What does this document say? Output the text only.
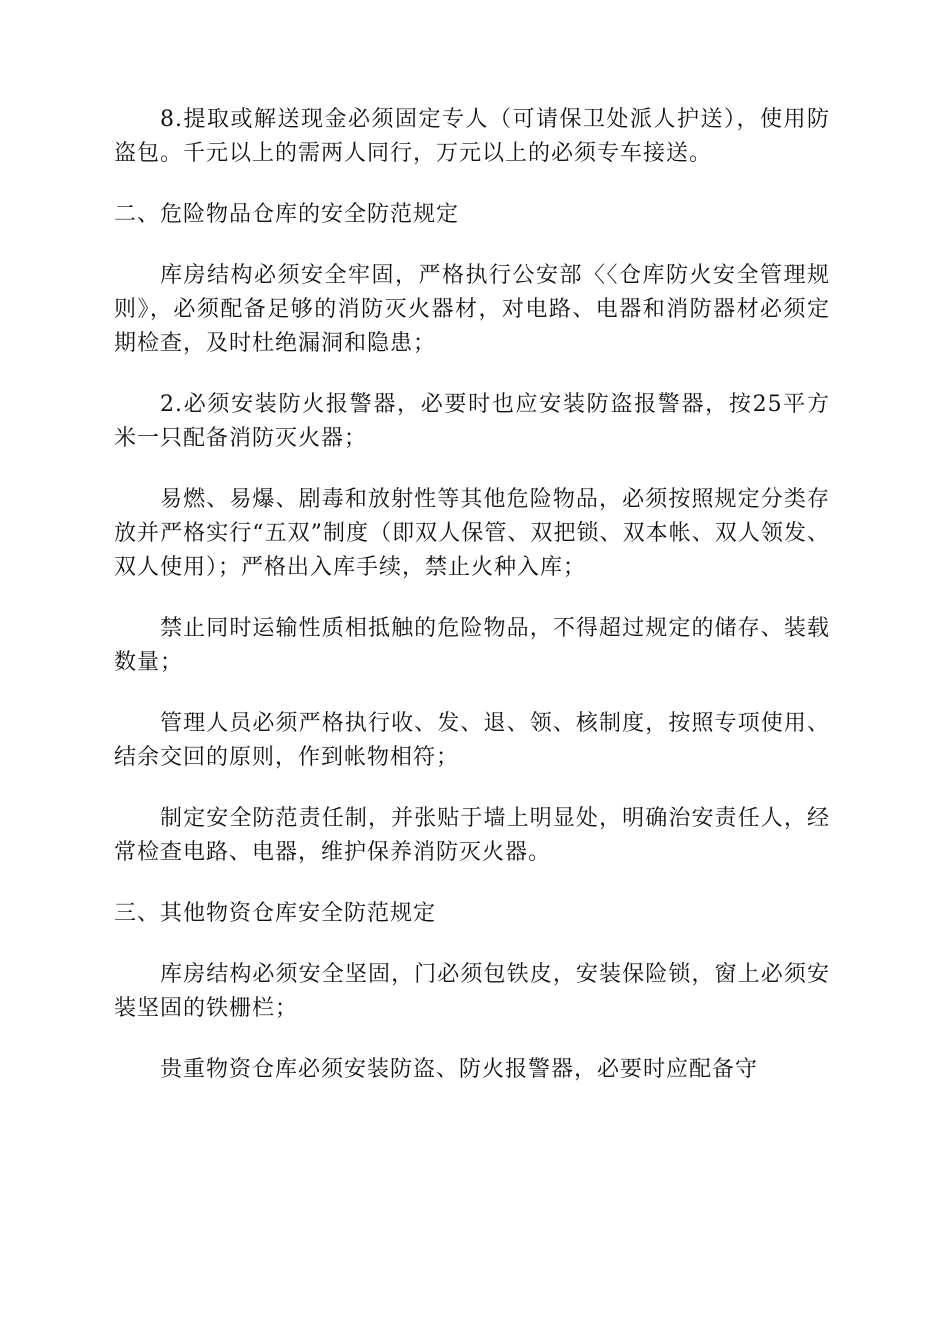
8.提取或解送现金必须固定专人（可请保卫处派人护送），使用防盗包。千元以上的需两人同行，万元以上的必须专车接送。

二、危险物品仓库的安全防范规定

库房结构必须安全牢固，严格执行公安部〈〈仓库防火安全管理规则》，必须配备足够的消防灭火器材，对电路、电器和消防器材必须定期检查，及时杜绝漏洞和隐患；

2.必须安装防火报警器，必要时也应安装防盗报警器，按25平方米一只配备消防灭火器；

易燃、易爆、剧毒和放射性等其他危险物品，必须按照规定分类存放并严格实行“五双”制度（即双人保管、双把锁、双本帐、双人领发、双人使用）；严格出入库手续，禁止火种入库；

禁止同时运输性质相抵触的危险物品，不得超过规定的储存、装载数量；

管理人员必须严格执行收、发、退、领、核制度，按照专项使用、结余交回的原则，作到帐物相符；

制定安全防范责任制，并张贴于墙上明显处，明确治安责任人，经常检查电路、电器，维护保养消防灭火器。

三、其他物资仓库安全防范规定

库房结构必须安全坚固，门必须包铁皮，安装保险锁，窗上必须安装坚固的铁栅栏；

贵重物资仓库必须安装防盗、防火报警器，必要时应配备守
